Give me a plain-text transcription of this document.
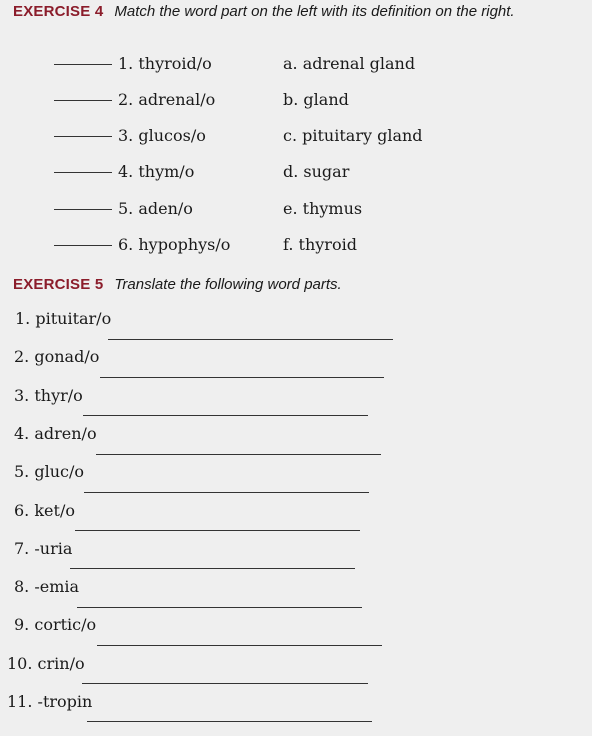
EXERCISE 4 Match the word part on the left with its definition on the right.
1. thyroid/o	a. adrenal gland
2. adrenal/o	b. gland
3. glucos/o	c. pituitary gland
4. thym/o	d. sugar
5. aden/o	e. thymus
6. hypophys/o	f. thyroid
EXERCISE 5 Translate the following word parts.
1. pituitar/o
2. gonad/o
3. thyr/o
4. adren/o
5. gluc/o
6. ket/o
7. -uria
8. -emia
9. cortic/o
10. crin/o
11. -tropin
